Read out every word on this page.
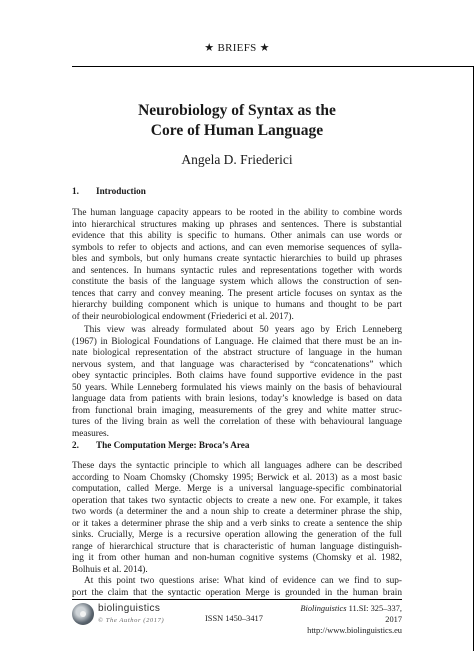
★ BRIEFS ★
Neurobiology of Syntax as the
Core of Human Language
Angela D. Friederici
1. Introduction
The human language capacity appears to be rooted in the ability to combine words
into hierarchical structures making up phrases and sentences. There is substantial
evidence that this ability is specific to humans. Other animals can use words or
symbols to refer to objects and actions, and can even memorise sequences of sylla-
bles and symbols, but only humans create syntactic hierarchies to build up phrases
and sentences. In humans syntactic rules and representations together with words
constitute the basis of the language system which allows the construction of sen-
tences that carry and convey meaning. The present article focuses on syntax as the
hierarchy building component which is unique to humans and thought to be part
of their neurobiological endowment (Friederici et al. 2017).
This view was already formulated about 50 years ago by Erich Lenneberg
(1967) in Biological Foundations of Language. He claimed that there must be an in-
nate biological representation of the abstract structure of language in the human
nervous system, and that language was characterised by “concatenations” which
obey syntactic principles. Both claims have found supportive evidence in the past
50 years. While Lenneberg formulated his views mainly on the basis of behavioural
language data from patients with brain lesions, today’s knowledge is based on data
from functional brain imaging, measurements of the grey and white matter struc-
tures of the living brain as well the correlation of these with behavioural language
measures.
2. The Computation Merge: Broca’s Area
These days the syntactic principle to which all languages adhere can be described
according to Noam Chomsky (Chomsky 1995; Berwick et al. 2013) as a most basic
computation, called Merge. Merge is a universal language-specific combinatorial
operation that takes two syntactic objects to create a new one. For example, it takes
two words (a determiner the and a noun ship to create a determiner phrase the ship,
or it takes a determiner phrase the ship and a verb sinks to create a sentence the ship
sinks. Crucially, Merge is a recursive operation allowing the generation of the full
range of hierarchical structure that is characteristic of human language distinguish-
ing it from other human and non-human cognitive systems (Chomsky et al. 1982,
Bolhuis et al. 2014).
At this point two questions arise: What kind of evidence can we find to sup-
port the claim that the syntactic operation Merge is grounded in the human brain
biolinguistics
© The Author (2017)	ISSN 1450–3417
Biolinguistics 11.SI: 325–337, 2017
http://www.biolinguistics.eu
